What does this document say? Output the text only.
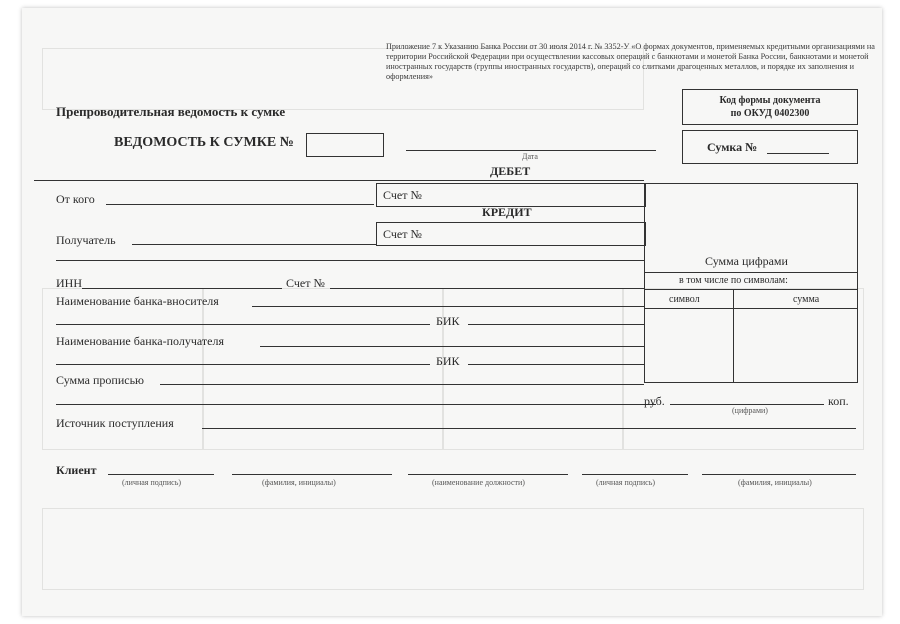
Приложение 7 к Указанию Банка России от 30 июля 2014 г. № 3352-У «О формах документов, применяемых кредитными организациями на территории Российской Федерации при осуществлении кассовых операций с банкнотами и монетой Банка России, банкнотами и монетой иностранных государств (группы иностранных государств), операций со слитками драгоценных металлов, и порядке их заполнения и оформления»
Препроводительная ведомость к сумке
Код формы документа
по ОКУД 0402300
ВЕДОМОСТЬ К СУМКЕ №
Дата
Сумка №
ДЕБЕТ
Счет №
От кого
КРЕДИТ
Счет №
Получатель
Сумма цифрами
в том числе по символам:
символ	сумма
ИНН	Счет №
Наименование банка-вносителя
БИК
Наименование банка-получателя
БИК
Сумма прописью
руб.	коп.
(цифрами)
Источник поступления
Клиент
(личная подпись)	(фамилия, инициалы)	(наименование должности)	(личная подпись)	(фамилия, инициалы)
